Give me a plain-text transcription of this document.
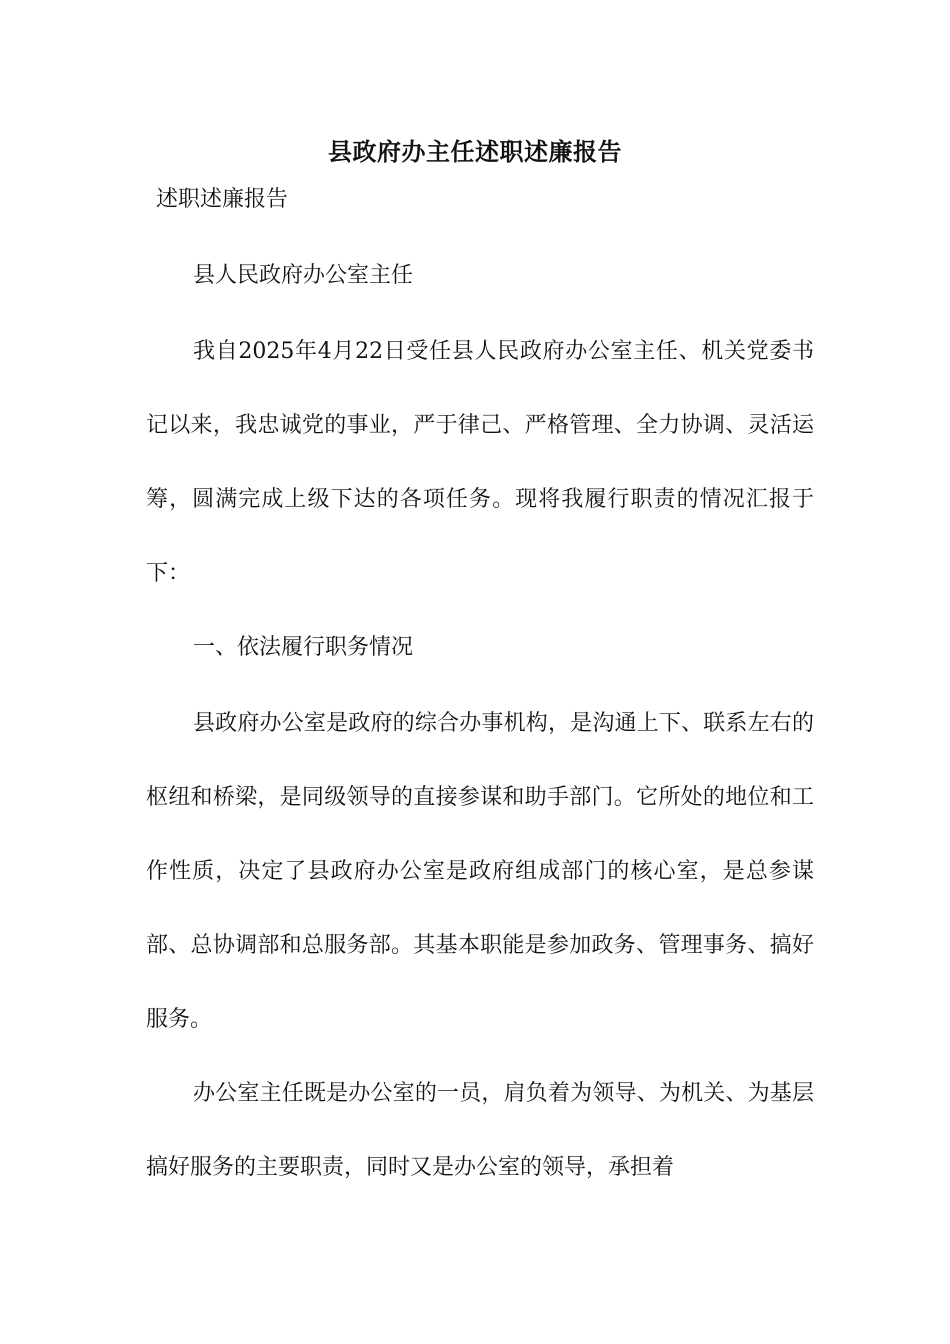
县政府办主任述职述廉报告
述职述廉报告
县人民政府办公室主任
我自2025年4月22日受任县人民政府办公室主任、机关党委书记以来，我忠诚党的事业，严于律己、严格管理、全力协调、灵活运筹，圆满完成上级下达的各项任务。现将我履行职责的情况汇报于下：
一、依法履行职务情况
县政府办公室是政府的综合办事机构，是沟通上下、联系左右的枢纽和桥梁，是同级领导的直接参谋和助手部门。它所处的地位和工作性质，决定了县政府办公室是政府组成部门的核心室，是总参谋部、总协调部和总服务部。其基本职能是参加政务、管理事务、搞好服务。
办公室主任既是办公室的一员，肩负着为领导、为机关、为基层搞好服务的主要职责，同时又是办公室的领导，承担着
